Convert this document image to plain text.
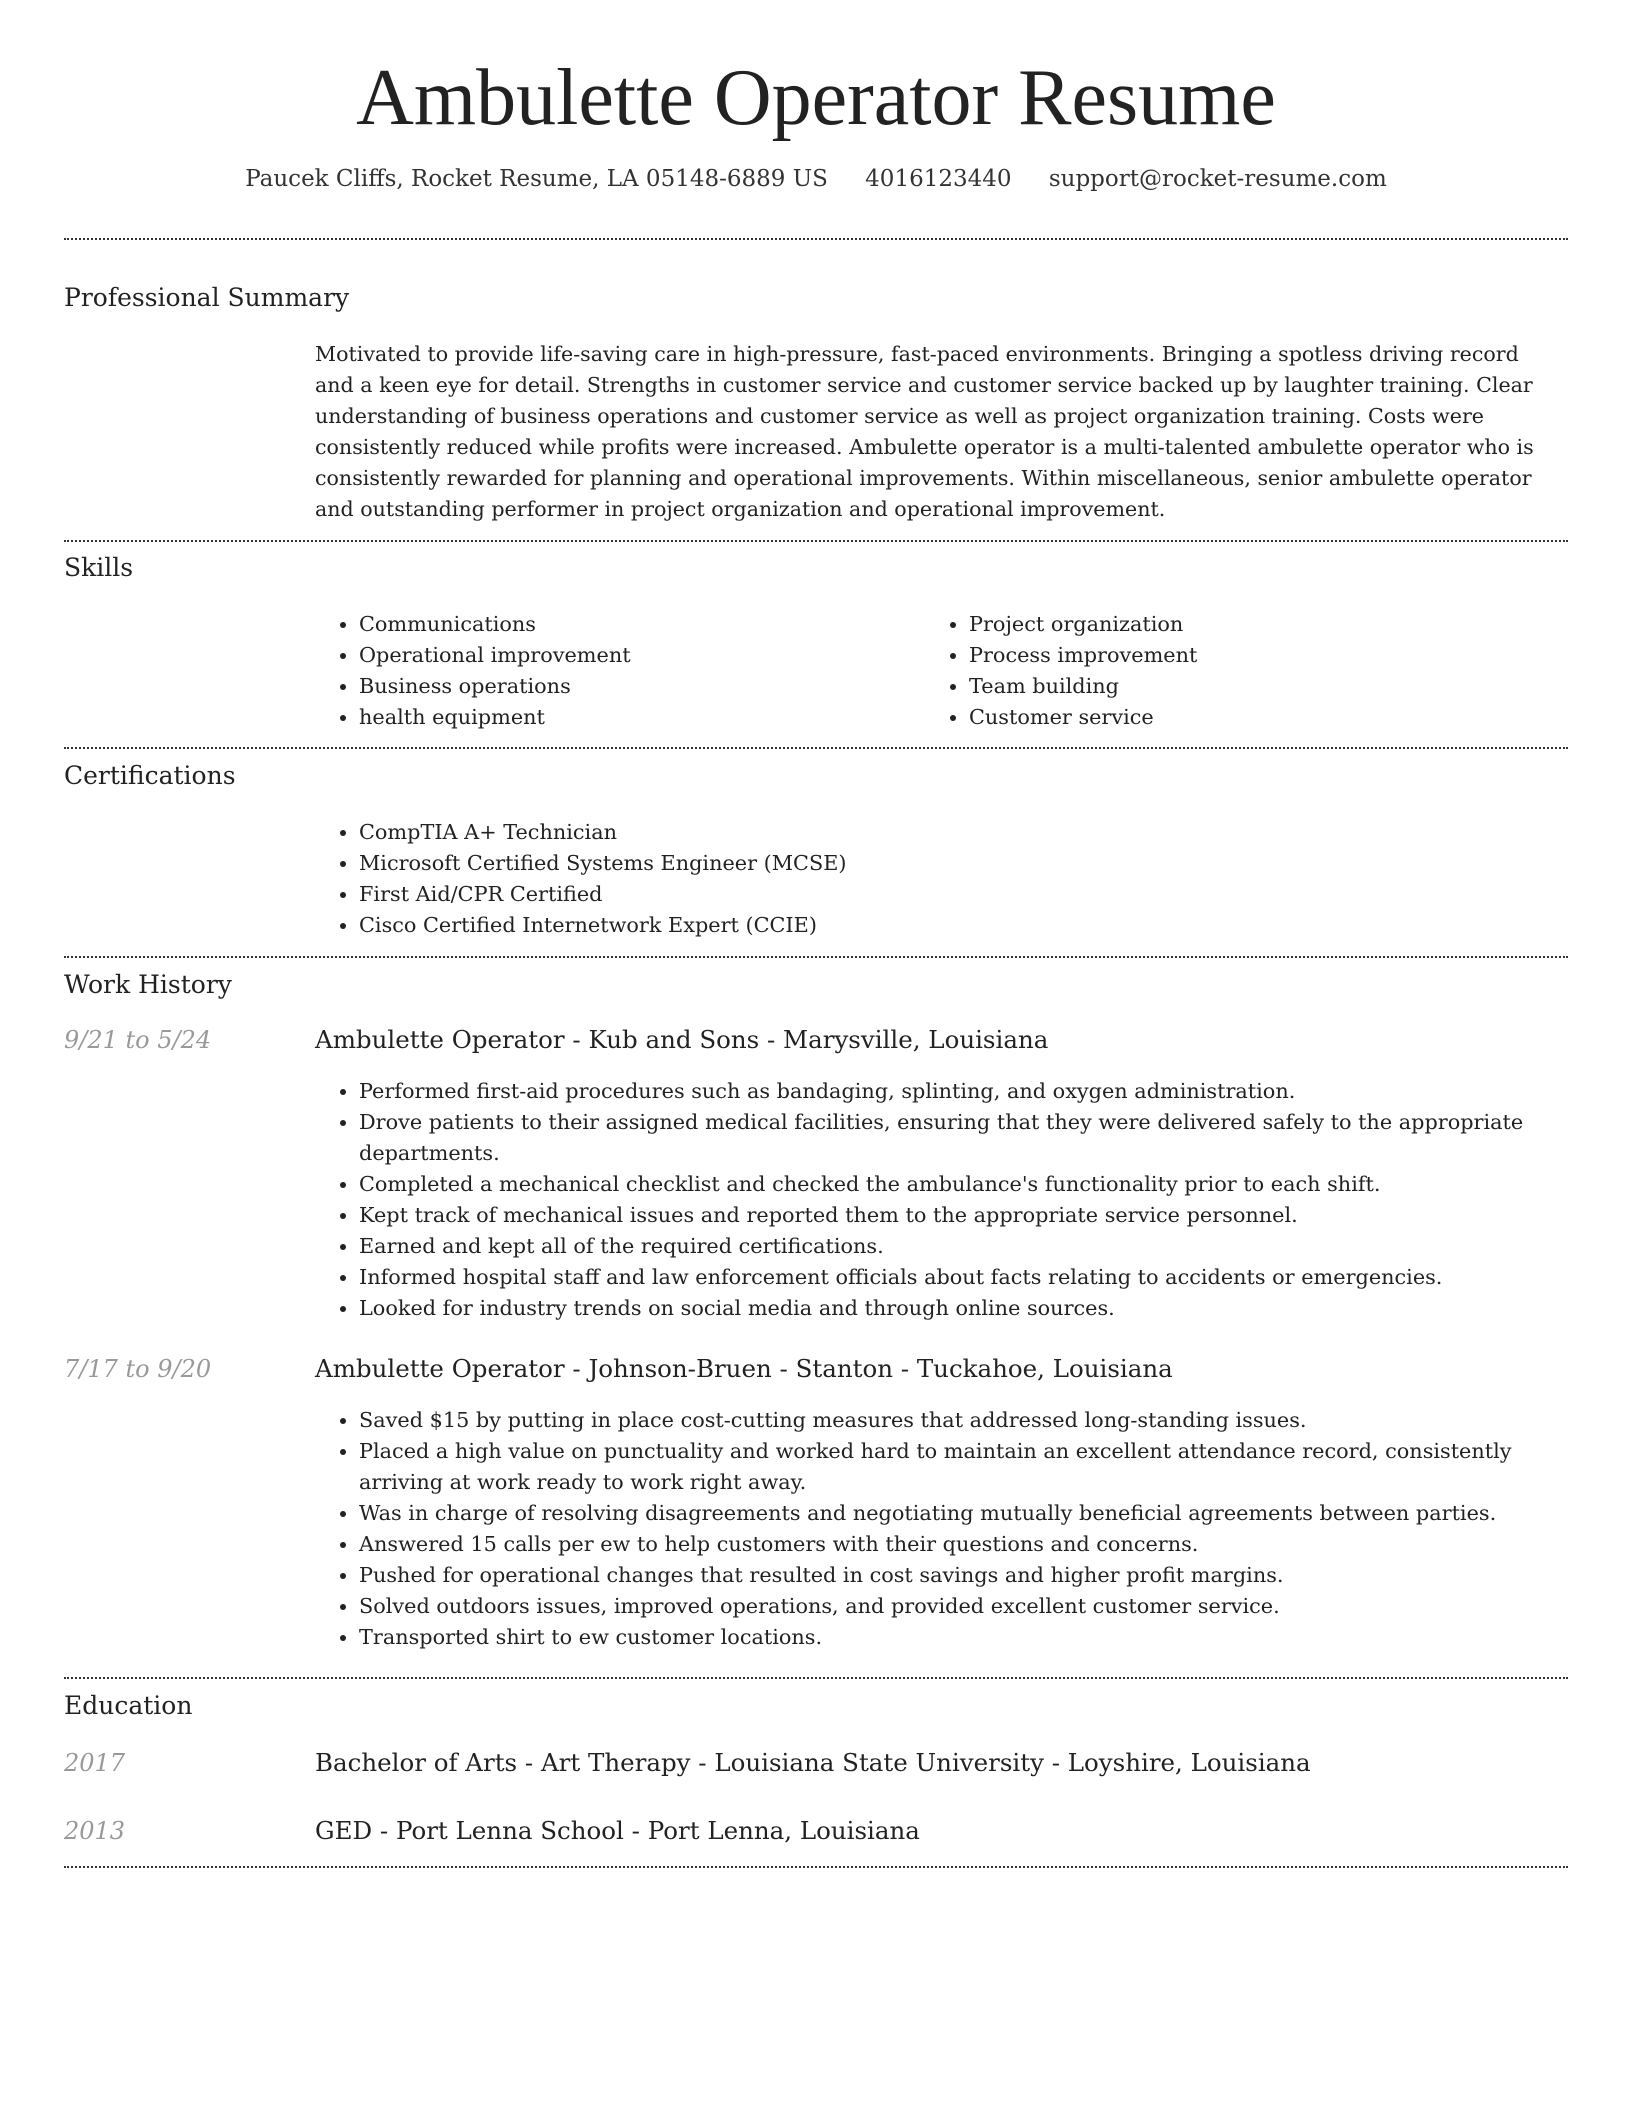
Ambulette Operator Resume
Paucek Cliffs, Rocket Resume, LA 05148-6889 US 4016123440 support@rocket-resume.com
Professional Summary
Motivated to provide life-saving care in high-pressure, fast-paced environments. Bringing a spotless driving record and a keen eye for detail. Strengths in customer service and customer service backed up by laughter training. Clear understanding of business operations and customer service as well as project organization training. Costs were consistently reduced while profits were increased. Ambulette operator is a multi-talented ambulette operator who is consistently rewarded for planning and operational improvements. Within miscellaneous, senior ambulette operator and outstanding performer in project organization and operational improvement.
Skills
• Communications
• Operational improvement
• Business operations
• health equipment
• Project organization
• Process improvement
• Team building
• Customer service
Certifications
• CompTIA A+ Technician
• Microsoft Certified Systems Engineer (MCSE)
• First Aid/CPR Certified
• Cisco Certified Internetwork Expert (CCIE)
Work History
9/21 to 5/24	Ambulette Operator - Kub and Sons - Marysville, Louisiana
• Performed first-aid procedures such as bandaging, splinting, and oxygen administration.
• Drove patients to their assigned medical facilities, ensuring that they were delivered safely to the appropriate departments.
• Completed a mechanical checklist and checked the ambulance's functionality prior to each shift.
• Kept track of mechanical issues and reported them to the appropriate service personnel.
• Earned and kept all of the required certifications.
• Informed hospital staff and law enforcement officials about facts relating to accidents or emergencies.
• Looked for industry trends on social media and through online sources.
7/17 to 9/20	Ambulette Operator - Johnson-Bruen - Stanton - Tuckahoe, Louisiana
• Saved $15 by putting in place cost-cutting measures that addressed long-standing issues.
• Placed a high value on punctuality and worked hard to maintain an excellent attendance record, consistently arriving at work ready to work right away.
• Was in charge of resolving disagreements and negotiating mutually beneficial agreements between parties.
• Answered 15 calls per ew to help customers with their questions and concerns.
• Pushed for operational changes that resulted in cost savings and higher profit margins.
• Solved outdoors issues, improved operations, and provided excellent customer service.
• Transported shirt to ew customer locations.
Education
2017	Bachelor of Arts - Art Therapy - Louisiana State University - Loyshire, Louisiana
2013	GED - Port Lenna School - Port Lenna, Louisiana
